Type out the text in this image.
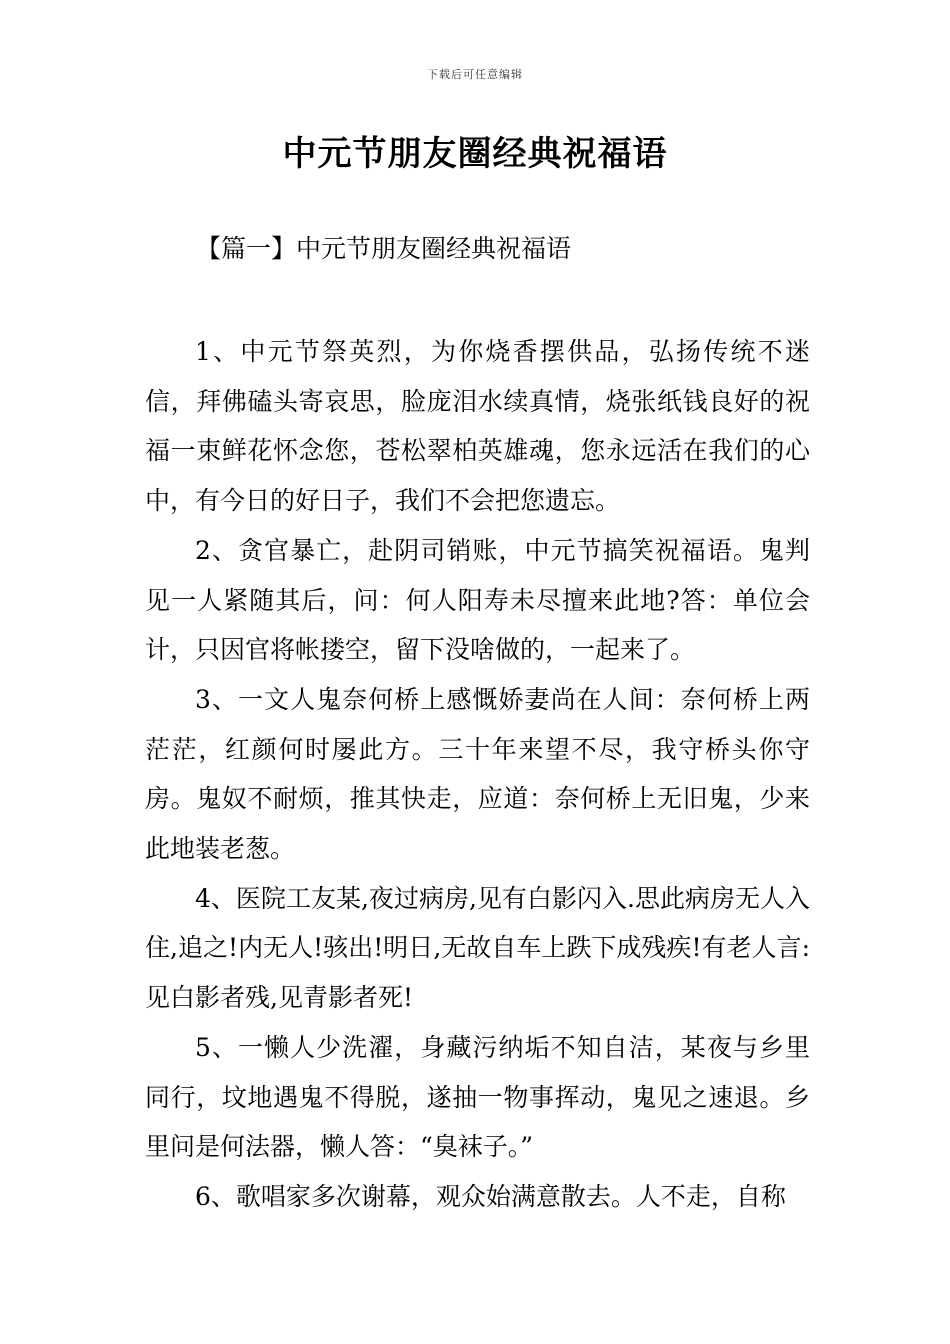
下载后可任意编辑
中元节朋友圈经典祝福语
【篇一】中元节朋友圈经典祝福语

1、中元节祭英烈，为你烧香摆供品，弘扬传统不迷信，拜佛磕头寄哀思，脸庞泪水续真情，烧张纸钱良好的祝福一束鲜花怀念您，苍松翠柏英雄魂，您永远活在我们的心中，有今日的好日子，我们不会把您遗忘。

2、贪官暴亡，赴阴司销账，中元节搞笑祝福语。鬼判见一人紧随其后，问：何人阳寿未尽擅来此地?答：单位会计，只因官将帐搂空，留下没啥做的，一起来了。

3、一文人鬼奈何桥上感慨娇妻尚在人间：奈何桥上两茫茫，红颜何时屡此方。三十年来望不尽，我守桥头你守房。鬼奴不耐烦，推其快走，应道：奈何桥上无旧鬼，少来此地装老葱。

4、医院工友某,夜过病房,见有白影闪入.思此病房无人入住,追之!内无人!骇出!明日,无故自车上跌下成残疾!有老人言:见白影者残,见青影者死!

5、一懒人少洗濯，身藏污纳垢不知自洁，某夜与乡里同行，坟地遇鬼不得脱，遂抽一物事挥动，鬼见之速退。乡里问是何法器，懒人答：“臭袜子。”

6、歌唱家多次谢幕，观众始满意散去。人不走，自称
